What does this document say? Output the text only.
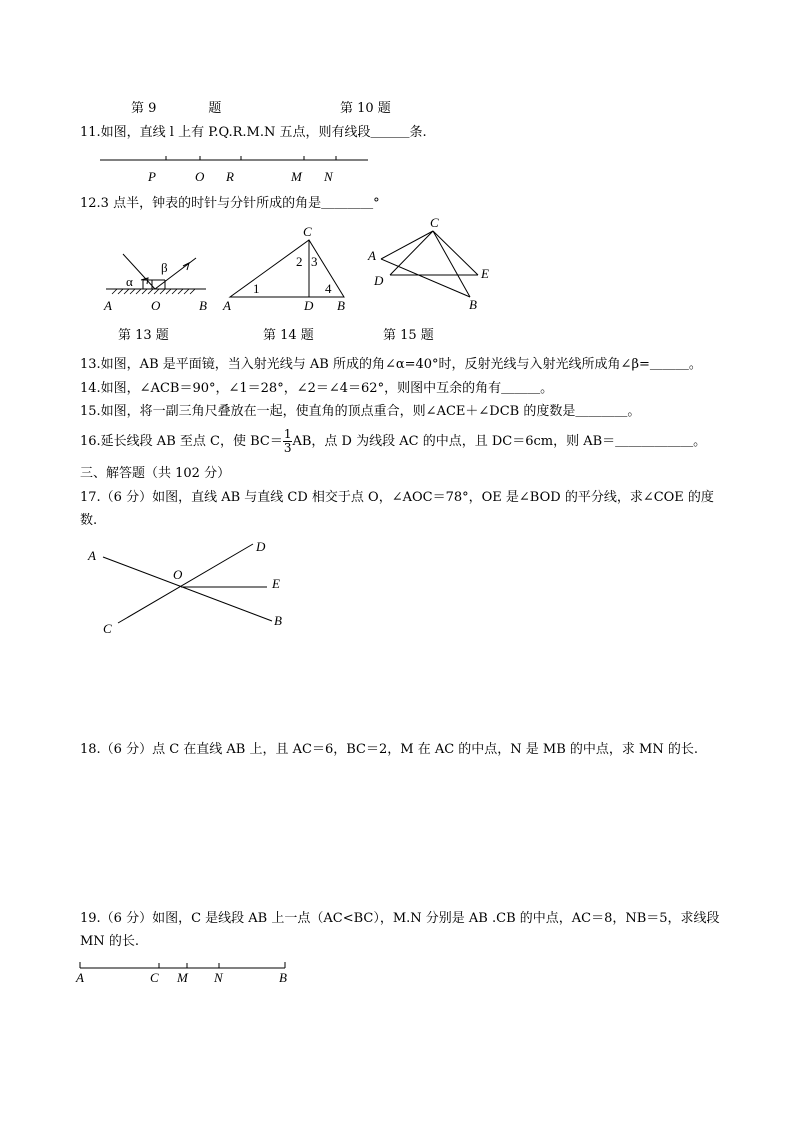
第 9　　　　题	第 10 题
11.如图，直线 l 上有 P.Q.R.M.N 五点，则有线段＿＿＿条.
12.3 点半，钟表的时针与分针所成的角是＿＿＿＿°
第 13 题	第 14 题	第 15 题
13.如图，AB 是平面镜，当入射光线与 AB 所成的角∠α=40°时，反射光线与入射光线所成角∠β=＿＿＿。
14.如图，∠ACB＝90°，∠1＝28°，∠2＝∠4＝62°，则图中互余的角有＿＿＿。
15.如图，将一副三角尺叠放在一起，使直角的顶点重合，则∠ACE＋∠DCB 的度数是＿＿＿＿。
16.延长线段 AB 至点 C，使 $BC= \frac{1}{3}$ AB，点 D 为线段 AC 的中点，且 DC＝6cm，则 AB＝＿＿＿＿＿＿。
三、解答题（共 102 分）
17.（6 分）如图，直线 AB 与直线 CD 相交于点 O，∠AOC＝78°，OE 是∠BOD 的平分线，求∠COE 的度
数.
18.（6 分）点 C 在直线 AB 上，且 AC＝6，BC＝2，M 在 AC 的中点，N 是 MB 的中点，求 MN 的长.
19.（6 分）如图，C 是线段 AB 上一点（AC<BC），M.N 分别是 AB .CB 的中点，AC＝8，NB＝5，求线段
MN 的长.
P	O R	M N
α
β
A	O	B
C
A	D B
1
2 3
4
C
A
E
D
B
A
D
O
E
C
B
A	C M N	B
